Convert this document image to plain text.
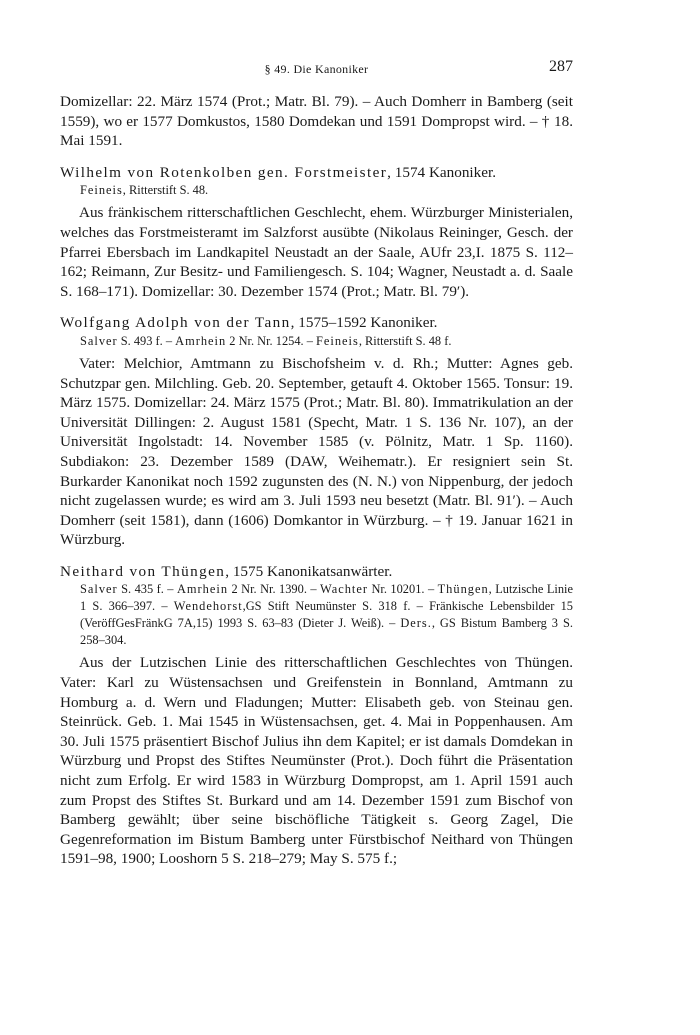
§ 49. Die Kanoniker	287

Domizellar: 22. März 1574 (Prot.; Matr. Bl. 79). – Auch Domherr in Bamberg (seit 1559), wo er 1577 Domkustos, 1580 Domdekan und 1591 Dompropst wird. – † 18. Mai 1591.

Wilhelm von Rotenkolben gen. Forstmeister, 1574 Kanoniker.

Feineis, Ritterstift S. 48.

Aus fränkischem ritterschaftlichen Geschlecht, ehem. Würzburger Ministerialen, welches das Forstmeisteramt im Salzforst ausübte (Nikolaus Reininger, Gesch. der Pfarrei Ebersbach im Landkapitel Neustadt an der Saale, AUfr 23,I. 1875 S. 112–162; Reimann, Zur Besitz- und Familiengesch. S. 104; Wagner, Neustadt a. d. Saale S. 168–171). Domizellar: 30. Dezember 1574 (Prot.; Matr. Bl. 79′).

Wolfgang Adolph von der Tann, 1575–1592 Kanoniker.

Salver S. 493 f. – Amrhein 2 Nr. Nr. 1254. – Feineis, Ritterstift S. 48 f.

Vater: Melchior, Amtmann zu Bischofsheim v. d. Rh.; Mutter: Agnes geb. Schutzpar gen. Milchling. Geb. 20. September, getauft 4. Oktober 1565. Tonsur: 19. März 1575. Domizellar: 24. März 1575 (Prot.; Matr. Bl. 80). Immatrikulation an der Universität Dillingen: 2. August 1581 (Specht, Matr. 1 S. 136 Nr. 107), an der Universität Ingolstadt: 14. November 1585 (v. Pölnitz, Matr. 1 Sp. 1160). Subdiakon: 23. Dezember 1589 (DAW, Weihematr.). Er resigniert sein St. Burkarder Kanonikat noch 1592 zugunsten des (N. N.) von Nippenburg, der jedoch nicht zugelassen wurde; es wird am 3. Juli 1593 neu besetzt (Matr. Bl. 91′). – Auch Domherr (seit 1581), dann (1606) Domkantor in Würzburg. – † 19. Januar 1621 in Würzburg.

Neithard von Thüngen, 1575 Kanonikatsanwärter.

Salver S. 435 f. – Amrhein 2 Nr. Nr. 1390. – Wachter Nr. 10201. – Thüngen, Lutzische Linie 1 S. 366–397. – Wendehorst,GS Stift Neumünster S. 318 f. – Fränkische Lebensbilder 15 (VeröffGesFränkG 7A,15) 1993 S. 63–83 (Dieter J. Weiß). – Ders., GS Bistum Bamberg 3 S. 258–304.

Aus der Lutzischen Linie des ritterschaftlichen Geschlechtes von Thüngen. Vater: Karl zu Wüstensachsen und Greifenstein in Bonnland, Amtmann zu Homburg a. d. Wern und Fladungen; Mutter: Elisabeth geb. von Steinau gen. Steinrück. Geb. 1. Mai 1545 in Wüstensachsen, get. 4. Mai in Poppenhausen. Am 30. Juli 1575 präsentiert Bischof Julius ihn dem Kapitel; er ist damals Domdekan in Würzburg und Propst des Stiftes Neumünster (Prot.). Doch führt die Präsentation nicht zum Erfolg. Er wird 1583 in Würzburg Dompropst, am 1. April 1591 auch zum Propst des Stiftes St. Burkard und am 14. Dezember 1591 zum Bischof von Bamberg gewählt; über seine bischöfliche Tätigkeit s. Georg Zagel, Die Gegenreformation im Bistum Bamberg unter Fürstbischof Neithard von Thüngen 1591–98, 1900; Looshorn 5 S. 218–279; May S. 575 f.;
